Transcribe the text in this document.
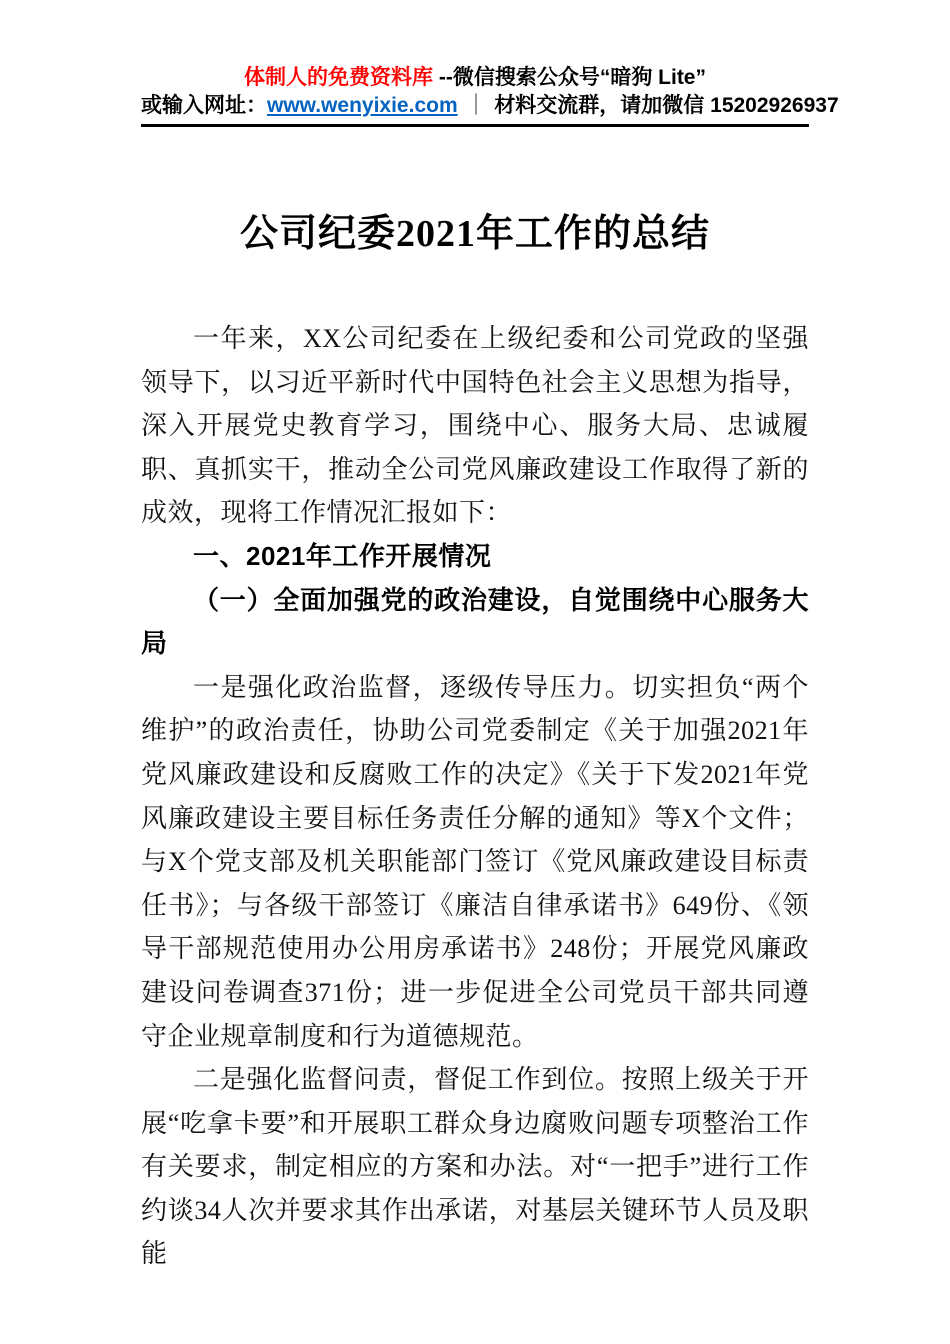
体制人的免费资料库 --微信搜索公众号“暗狗 Lite”
或输入网址：www.wenyixie.com ｜ 材料交流群，请加微信 15202926937
公司纪委2021年工作的总结

一年来，XX公司纪委在上级纪委和公司党政的坚强领导下，以习近平新时代中国特色社会主义思想为指导，深入开展党史教育学习，围绕中心、服务大局、忠诚履职、真抓实干，推动全公司党风廉政建设工作取得了新的成效，现将工作情况汇报如下：

一、2021年工作开展情况

（一）全面加强党的政治建设，自觉围绕中心服务大局

一是强化政治监督，逐级传导压力。切实担负“两个维护”的政治责任，协助公司党委制定《关于加强2021年党风廉政建设和反腐败工作的决定》《关于下发2021年党风廉政建设主要目标任务责任分解的通知》等X个文件；与X个党支部及机关职能部门签订《党风廉政建设目标责任书》；与各级干部签订《廉洁自律承诺书》649份、《领导干部规范使用办公用房承诺书》248份；开展党风廉政建设问卷调查371份；进一步促进全公司党员干部共同遵守企业规章制度和行为道德规范。

二是强化监督问责，督促工作到位。按照上级关于开展“吃拿卡要”和开展职工群众身边腐败问题专项整治工作有关要求，制定相应的方案和办法。对“一把手”进行工作约谈34人次并要求其作出承诺，对基层关键环节人员及职能
